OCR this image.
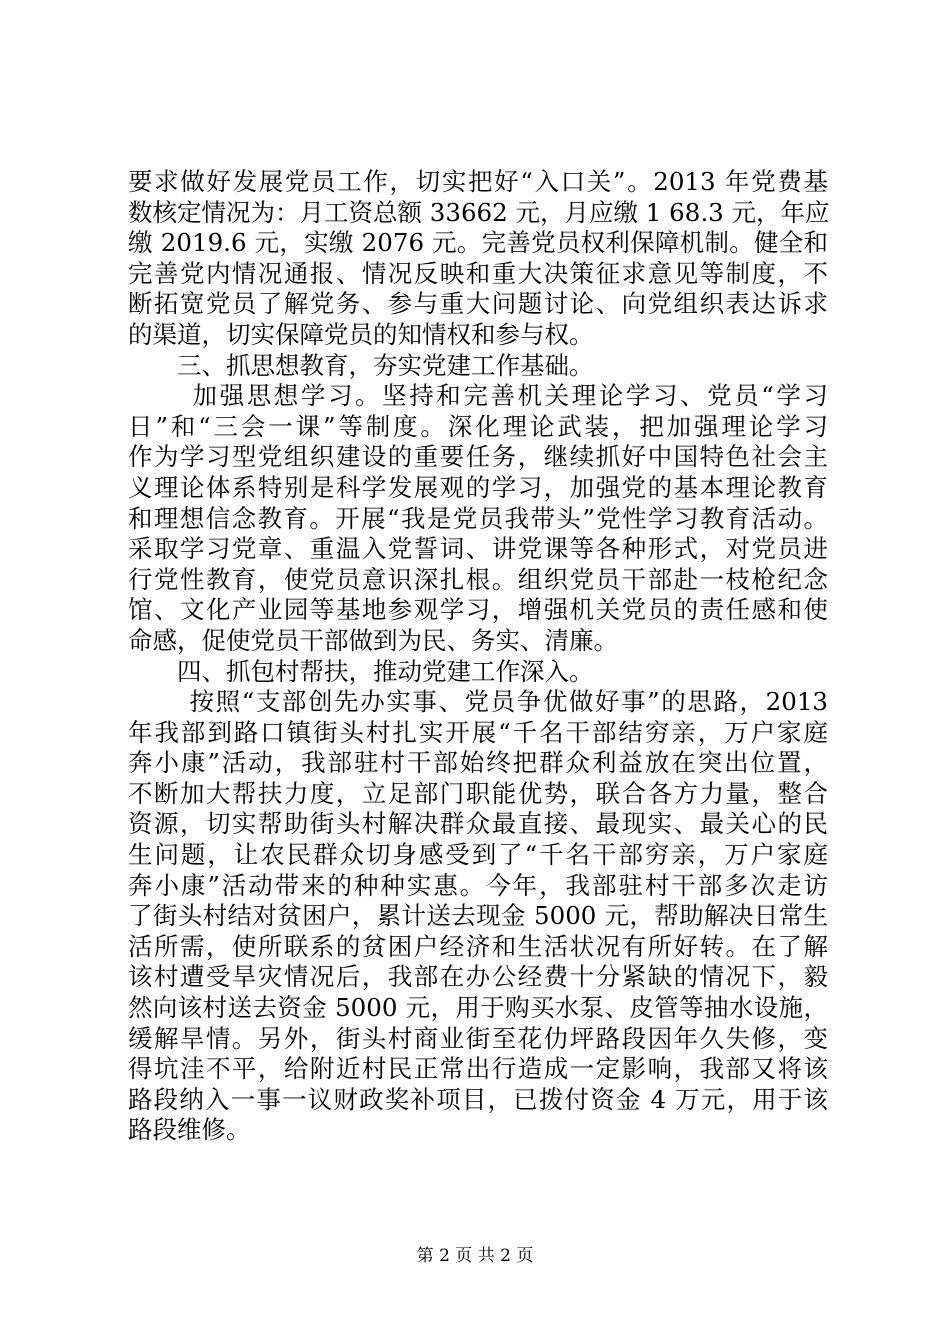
要求做好发展党员工作，切实把好“入口关”。2013 年党费基
数核定情况为：月工资总额 33662 元，月应缴 1 68.3 元，年应
缴 2019.6 元，实缴 2076 元。完善党员权利保障机制。健全和
完善党内情况通报、情况反映和重大决策征求意见等制度，不
断拓宽党员了解党务、参与重大问题讨论、向党组织表达诉求
的渠道，切实保障党员的知情权和参与权。
　　三、抓思想教育，夯实党建工作基础。
　　 加强思想学习。坚持和完善机关理论学习、党员“学习
日”和“三会一课”等制度。深化理论武装，把加强理论学习
作为学习型党组织建设的重要任务，继续抓好中国特色社会主
义理论体系特别是科学发展观的学习，加强党的基本理论教育
和理想信念教育。开展“我是党员我带头”党性学习教育活动。
采取学习党章、重温入党誓词、讲党课等各种形式，对党员进
行党性教育，使党员意识深扎根。组织党员干部赴一枝枪纪念
馆、文化产业园等基地参观学习，增强机关党员的责任感和使
命感，促使党员干部做到为民、务实、清廉。
　　四、抓包村帮扶，推动党建工作深入。
　　 按照“支部创先办实事、党员争优做好事”的思路，2013
年我部到路口镇街头村扎实开展“千名干部结穷亲，万户家庭
奔小康”活动，我部驻村干部始终把群众利益放在突出位置，
不断加大帮扶力度，立足部门职能优势，联合各方力量，整合
资源，切实帮助街头村解决群众最直接、最现实、最关心的民
生问题，让农民群众切身感受到了“千名干部穷亲，万户家庭
奔小康”活动带来的种种实惠。今年，我部驻村干部多次走访
了街头村结对贫困户，累计送去现金 5000 元，帮助解决日常生
活所需，使所联系的贫困户经济和生活状况有所好转。在了解
该村遭受旱灾情况后，我部在办公经费十分紧缺的情况下，毅
然向该村送去资金 5000 元，用于购买水泵、皮管等抽水设施，
缓解旱情。另外，街头村商业街至花仂坪路段因年久失修，变
得坑洼不平，给附近村民正常出行造成一定影响，我部又将该
路段纳入一事一议财政奖补项目，已拨付资金 4 万元，用于该
路段维修。
第 2 页 共 2 页
